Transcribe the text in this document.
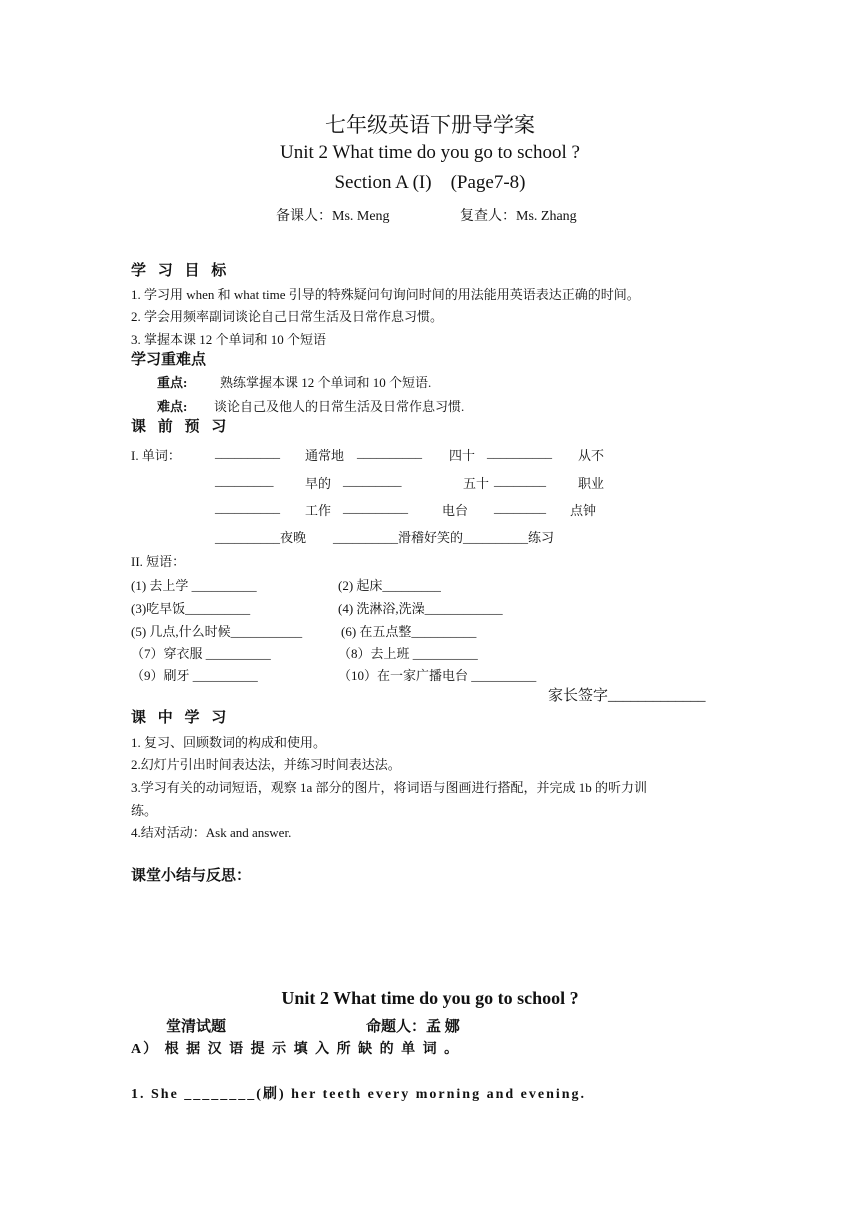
七年级英语下册导学案
Unit 2 What time do you go to school ?
Section A (I)    (Page7-8)
备课人：Ms. Meng	复查人：Ms. Zhang
学 习 目 标
1. 学习用 when 和 what time 引导的特殊疑问句询问时间的用法能用英语表达正确的时间。
2. 学会用频率副词谈论自己日常生活及日常作息习惯。
3. 掌握本课 12 个单词和 10 个短语
学习重难点
重点:	熟练掌握本课 12 个单词和 10 个短语.
难点: 谈论自己及他人的日常生活及日常作息习惯.
课 前 预 习
I. 单词：	__________ 通常地 __________ 四十 __________ 从不
_________ 早的 _________	五十 ________ 职业
__________ 工作 __________	电台 ________ 点钟
__________夜晚 __________滑稽好笑的__________练习
II. 短语：
(1) 去上学 __________	(2) 起床_________
(3)吃早饭__________	(4) 洗淋浴,洗澡____________
(5) 几点,什么时候___________	(6) 在五点整__________
（7）穿衣服 __________	（8）去上班 __________
（9）刷牙 __________	（10）在一家广播电台 __________
家长签字_____________
课 中 学 习
1. 复习、回顾数词的构成和使用。
2.幻灯片引出时间表达法，并练习时间表达法。
3.学习有关的动词短语，观察 1a 部分的图片，将词语与图画进行搭配，并完成 1b 的听力训
练。
4.结对活动：Ask and answer.
课堂小结与反思：
Unit 2 What time do you go to school ?
堂清试题	命题人：孟 娜
A） 根 据 汉 语 提 示 填 入 所 缺 的 单 词 。
1. She ________(刷) her teeth every morning and evening.
